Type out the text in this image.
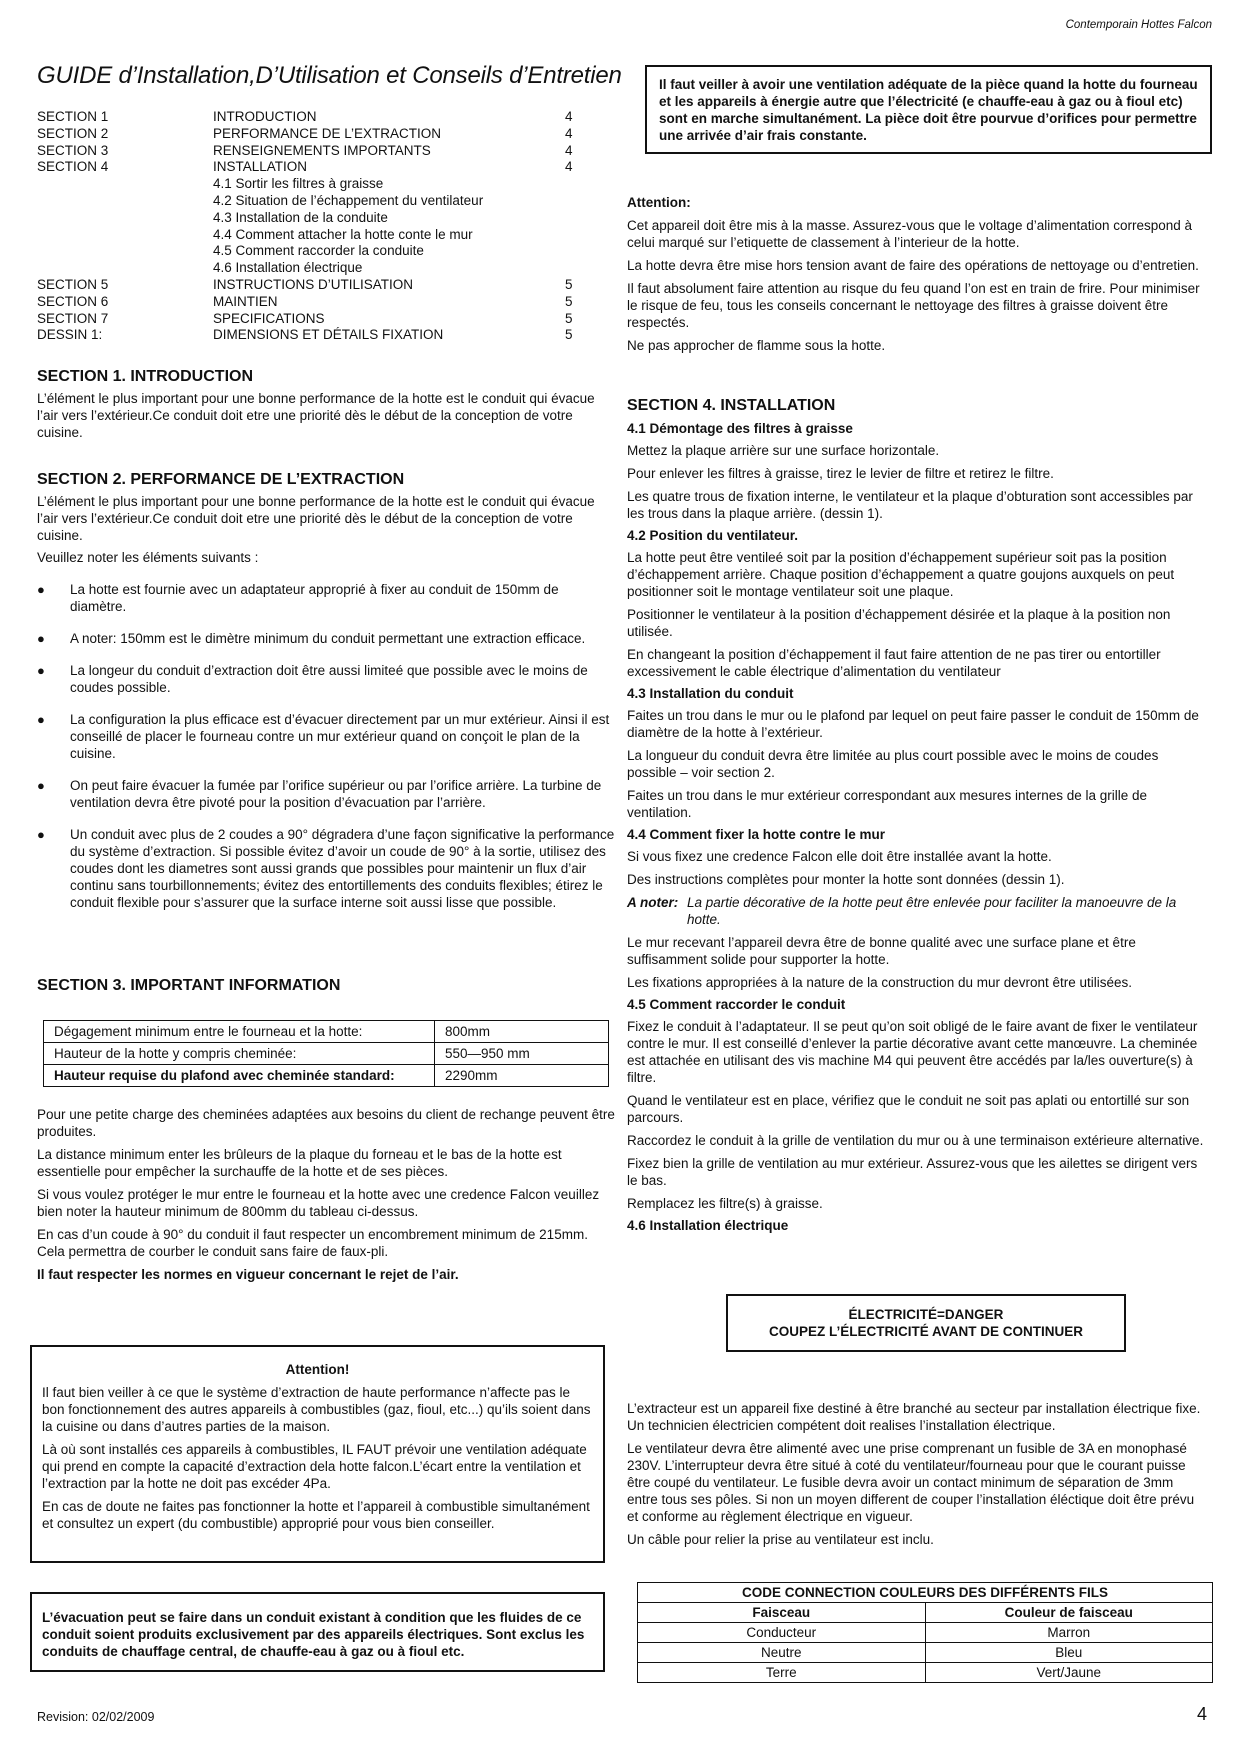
Contemporain Hottes Falcon
GUIDE d’Installation,D’Utilisation et Conseils d’Entretien
SECTION 1	INTRODUCTION	4
SECTION 2	PERFORMANCE DE L’EXTRACTION	4
SECTION 3	RENSEIGNEMENTS IMPORTANTS	4
SECTION 4	INSTALLATION	4
4.1 Sortir les filtres à graisse
4.2 Situation de l’échappement du ventilateur
4.3 Installation de la conduite
4.4 Comment attacher la hotte conte le mur
4.5 Comment raccorder la conduite
4.6 Installation électrique
SECTION 5	INSTRUCTIONS D’UTILISATION	5
SECTION 6	MAINTIEN	5
SECTION 7	SPECIFICATIONS	5
DESSIN 1:	DIMENSIONS ET DÉTAILS FIXATION	5
SECTION 1. INTRODUCTION

L’élément le plus important pour une bonne performance de la hotte est le conduit qui évacue l’air vers l’extérieur.Ce conduit doit etre une priorité dès le début de la conception de votre cuisine.

SECTION 2. PERFORMANCE DE L’EXTRACTION

L’élément le plus important pour une bonne performance de la hotte est le conduit qui évacue l’air vers l’extérieur.Ce conduit doit etre une priorité dès le début de la conception de votre cuisine.

Veuillez noter les éléments suivants :

● La hotte est fournie avec un adaptateur approprié à fixer au conduit de 150mm de diamètre.
● A noter: 150mm est le dimètre minimum du conduit permettant une extraction efficace.
● La longeur du conduit d’extraction doit être aussi limiteé que possible avec le moins de coudes possible.
● La configuration la plus efficace est d’évacuer directement par un mur extérieur. Ainsi il est conseillé de placer le fourneau contre un mur extérieur quand on conçoit le plan de la cuisine.
● On peut faire évacuer la fumée par l’orifice supérieur ou par l’orifice arrière. La turbine de ventilation devra être pivoté pour la position d’évacuation par l’arrière.
● Un conduit avec plus de 2 coudes a 90° dégradera d’une façon significative la performance du système d’extraction. Si possible évitez d’avoir un coude de 90° à la sortie, utilisez des coudes dont les diametres sont aussi grands que possibles pour maintenir un flux d’air continu sans tourbillonnements; évitez des entortillements des conduits flexibles; étirez le conduit flexible pour s’assurer que la surface interne soit aussi lisse que possible.
SECTION 3. IMPORTANT INFORMATION
Dégagement minimum entre le fourneau et la hotte:	800mm
Hauteur de la hotte y compris cheminée:	550—950 mm
Hauteur requise du plafond avec cheminée standard:	2290mm

Pour une petite charge des cheminées adaptées aux besoins du client de rechange peuvent être produites.

La distance minimum enter les brûleurs de la plaque du forneau et le bas de la hotte est essentielle pour empêcher la surchauffe de la hotte et de ses pièces.

Si vous voulez protéger le mur entre le fourneau et la hotte avec une credence Falcon veuillez bien noter la hauteur minimum de 800mm du tableau ci-dessus.

En cas d’un coude à 90° du conduit il faut respecter un encombrement minimum de 215mm. Cela permettra de courber le conduit sans faire de faux-pli.

Il faut respecter les normes en vigueur concernant le rejet de l’air.

Attention!

Il faut bien veiller à ce que le système d’extraction de haute performance n’affecte pas le bon fonctionnement des autres appareils à combustibles (gaz, fioul, etc...) qu’ils soient dans la cuisine ou dans d’autres parties de la maison.

Là où sont installés ces appareils à combustibles, IL FAUT prévoir une ventilation adéquate qui prend en compte la capacité d’extraction dela hotte falcon.L’écart entre la ventilation et l’extraction par la hotte ne doit pas excéder 4Pa.

En cas de doute ne faites pas fonctionner la hotte et l’appareil à combustible simultanément et consultez un expert (du combustible) approprié pour vous bien conseiller.

L’évacuation peut se faire dans un conduit existant à condition que les fluides de ce conduit soient produits exclusivement par des appareils électriques. Sont exclus les conduits de chauffage central, de chauffe-eau à gaz ou à fioul etc.

Il faut veiller à avoir une ventilation adéquate de la pièce quand la hotte du fourneau et les appareils à énergie autre que l’électricité (e chauffe-eau à gaz ou à fioul etc) sont en marche simultanément. La pièce doit être pourvue d’orifices pour permettre une arrivée d’air frais constante.

Attention:

Cet appareil doit être mis à la masse. Assurez-vous que le voltage d’alimentation correspond à celui marqué sur l’etiquette de classement à l’interieur de la hotte.

La hotte devra être mise hors tension avant de faire des opérations de nettoyage ou d’entretien.

Il faut absolument faire attention au risque du feu quand l’on est en train de frire. Pour minimiser le risque de feu, tous les conseils concernant le nettoyage des filtres à graisse doivent être respectés.

Ne pas approcher de flamme sous la hotte.

SECTION 4. INSTALLATION

4.1 Démontage des filtres à graisse

Mettez la plaque arrière sur une surface horizontale.

Pour enlever les filtres à graisse, tirez le levier de filtre et retirez le filtre.

Les quatre trous de fixation interne, le ventilateur et la plaque d’obturation sont accessibles par les trous dans la plaque arrière. (dessin 1).

4.2 Position du ventilateur.

La hotte peut être ventileé soit par la position d’échappement supérieur soit pas la position d’échappement arrière. Chaque position d’échappement a quatre goujons auxquels on peut positionner soit le montage ventilateur soit une plaque.

Positionner le ventilateur à la position d’échappement désirée et la plaque à la position non utilisée.

En changeant la position d’échappement il faut faire attention de ne pas tirer ou entortiller excessivement le cable électrique d’alimentation du ventilateur

4.3 Installation du conduit

Faites un trou dans le mur ou le plafond par lequel on peut faire passer le conduit de 150mm de diamètre de la hotte à l’extérieur.

La longueur du conduit devra être limitée au plus court possible avec le moins de coudes possible – voir section 2.

Faites un trou dans le mur extérieur correspondant aux mesures internes de la grille de ventilation.

4.4 Comment fixer la hotte contre le mur

Si vous fixez une credence Falcon elle doit être installée avant la hotte.

Des instructions complètes pour monter la hotte sont données (dessin 1).

A noter: La partie décorative de la hotte peut être enlevée pour faciliter la manoeuvre de la hotte.

Le mur recevant l’appareil devra être de bonne qualité avec une surface plane et être suffisamment solide pour supporter la hotte.

Les fixations appropriées à la nature de la construction du mur devront être utilisées.

4.5 Comment raccorder le conduit

Fixez le conduit à l’adaptateur. Il se peut qu’on soit obligé de le faire avant de fixer le ventilateur contre le mur. Il est conseillé d’enlever la partie décorative avant cette manœuvre. La cheminée est attachée en utilisant des vis machine M4 qui peuvent être accédés par la/les ouverture(s) à filtre.

Quand le ventilateur est en place, vérifiez que le conduit ne soit pas aplati ou entortillé sur son parcours.

Raccordez le conduit à la grille de ventilation du mur ou à une terminaison extérieure alternative.

Fixez bien la grille de ventilation au mur extérieur. Assurez-vous que les ailettes se dirigent vers le bas.

Remplacez les filtre(s) à graisse.

4.6 Installation électrique

ÉLECTRICITÉ=DANGER

COUPEZ L’ÉLECTRICITÉ AVANT DE CONTINUER

L’extracteur est un appareil fixe destiné à être branché au secteur par installation électrique fixe. Un technicien électricien compétent doit realises l’installation électrique.

Le ventilateur devra être alimenté avec une prise comprenant un fusible de 3A en monophasé 230V. L’interrupteur devra être situé à coté du ventilateur/fourneau pour que le courant puisse être coupé du ventilateur. Le fusible devra avoir un contact minimum de séparation de 3mm entre tous ses pôles. Si non un moyen different de couper l’installation éléctique doit être prévu et conforme au règlement électrique en vigueur.

Un câble pour relier la prise au ventilateur est inclu.

CODE CONNECTION COULEURS DES DIFFÉRENTS FILS	
Faisceau	Couleur de faisceau
Conducteur	Marron
Neutre	Bleu
Terre	Vert/Jaune
Revision: 02/02/2009	4
